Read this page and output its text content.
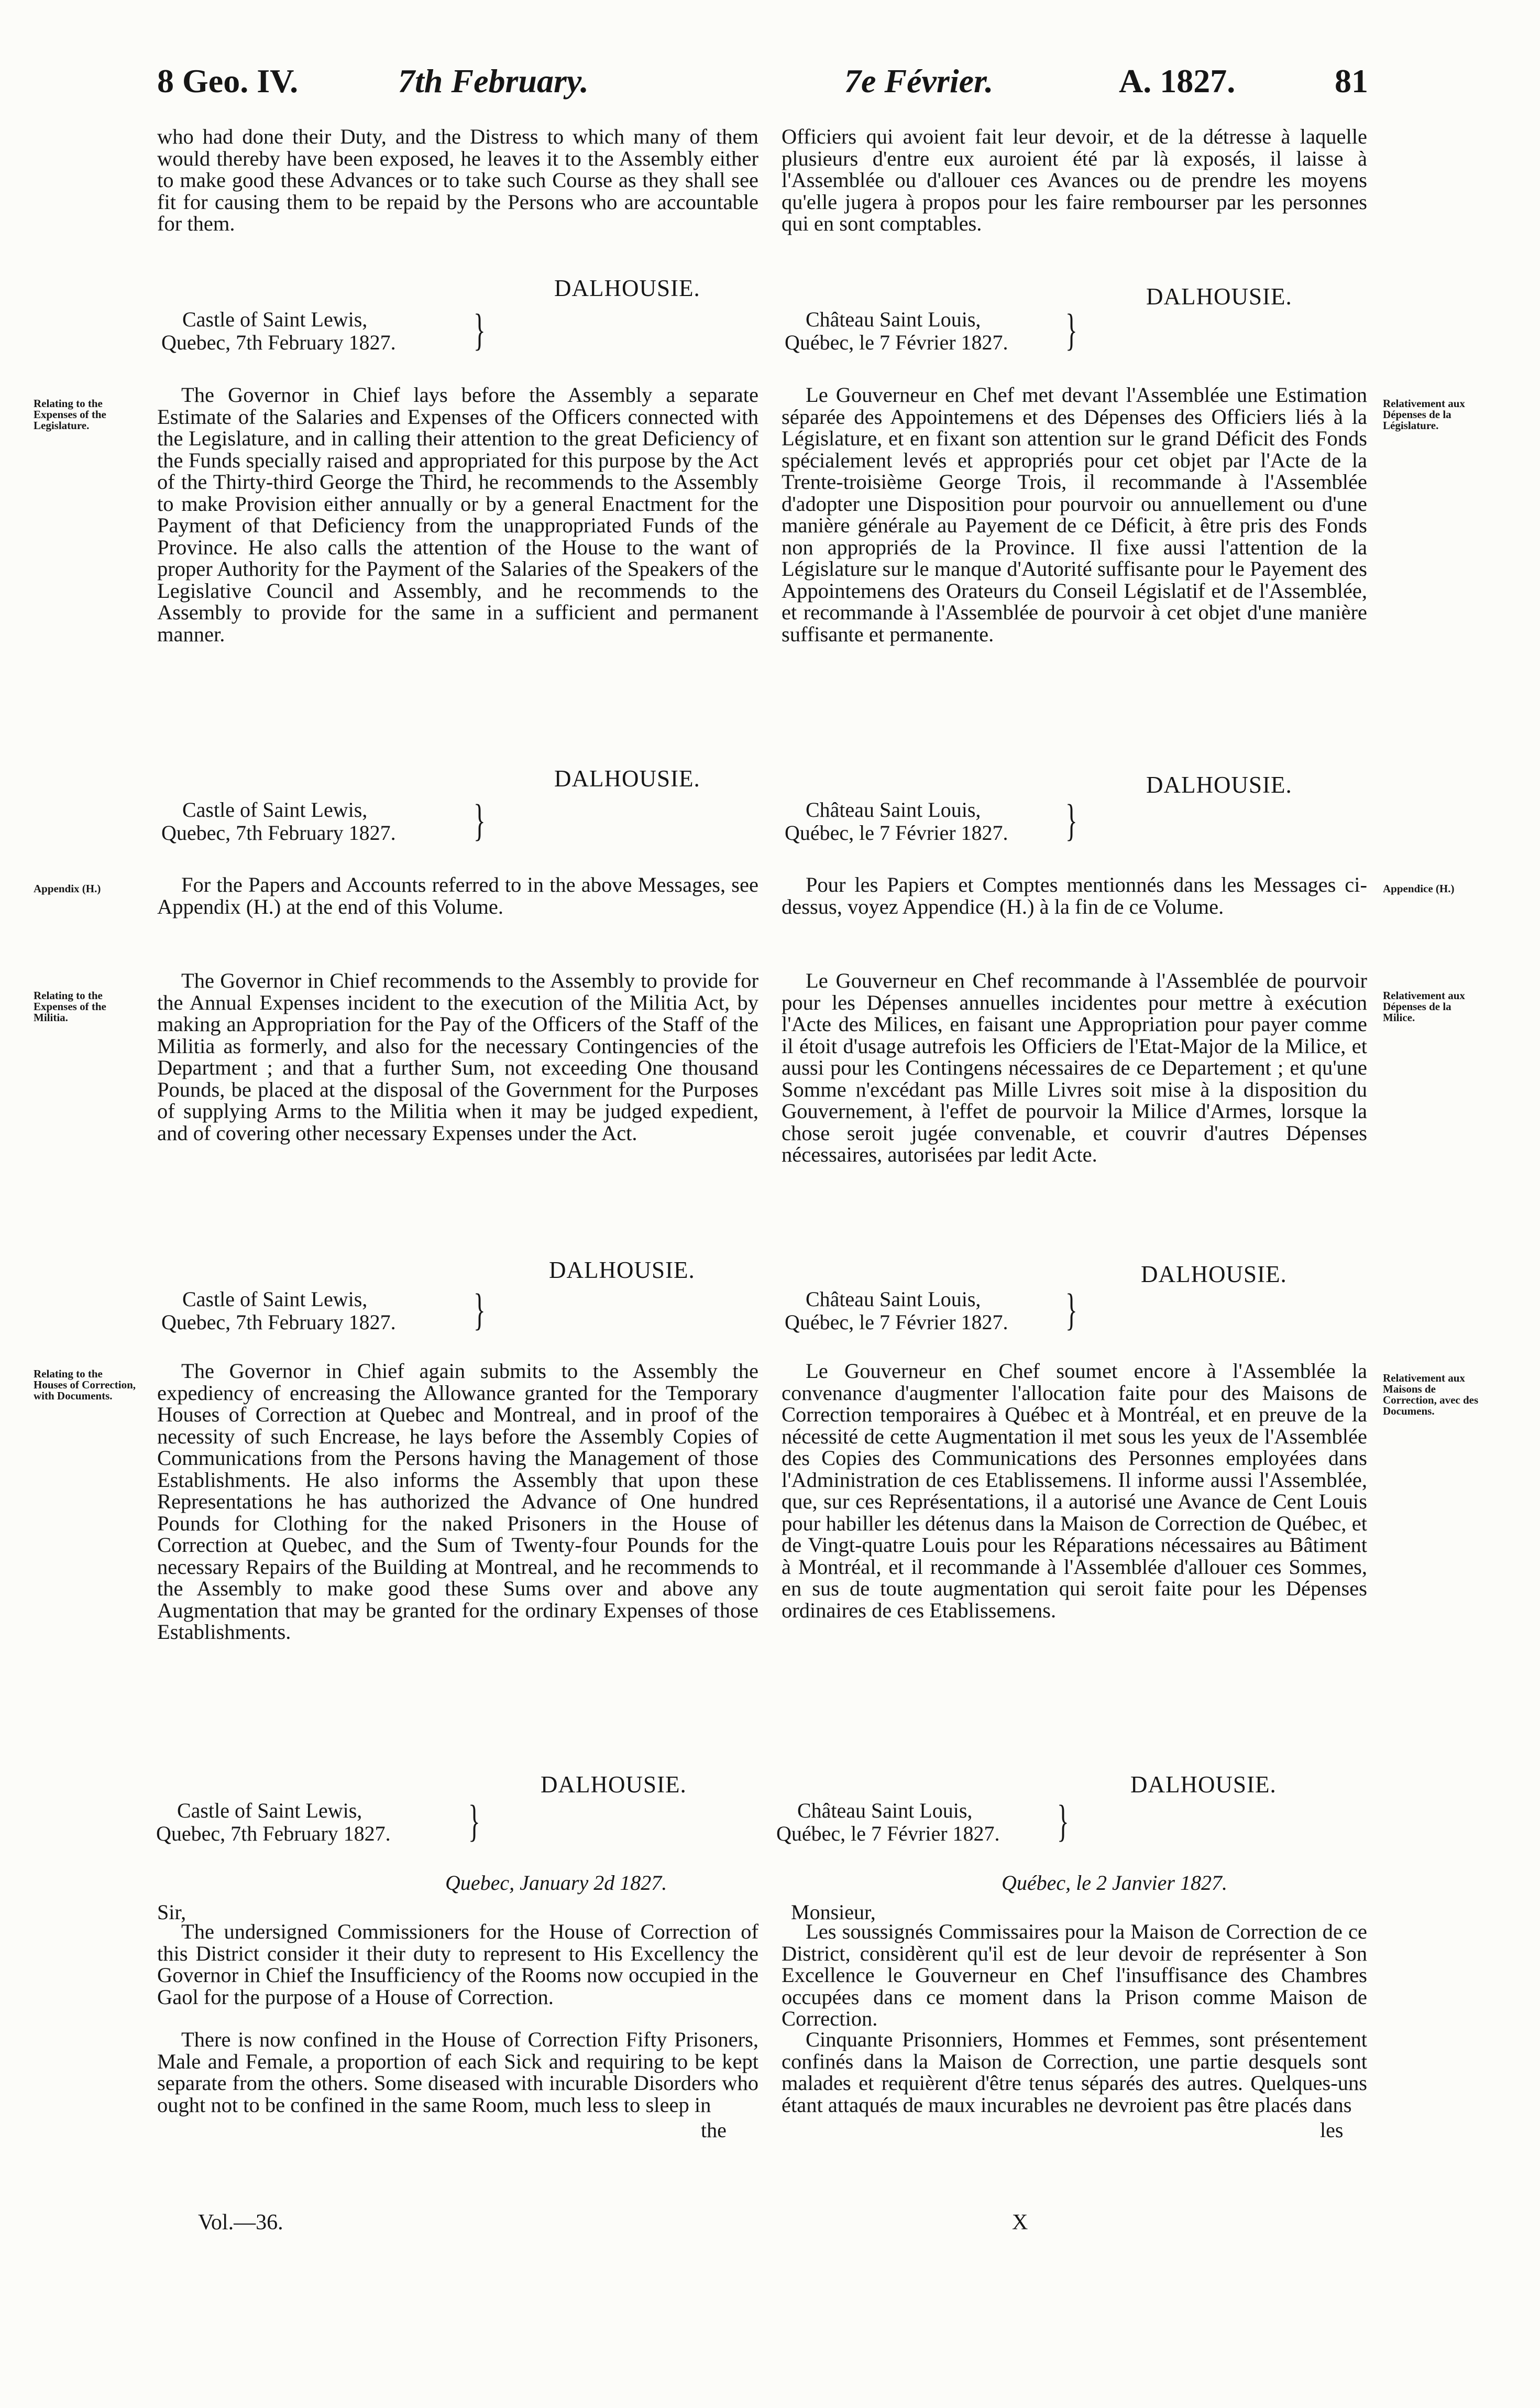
8 Geo. IV.	7th February.	7e Février.	A. 1827.	81

who had done their Duty, and the Distress to which many of them would thereby have been exposed, he leaves it to the Assembly either to make good these Advances or to take such Course as they shall see fit for causing them to be repaid by the Persons who are accountable for them.

DALHOUSIE.
Castle of Saint Lewis,
Quebec, 7th February 1827. }

The Governor in Chief lays before the Assembly a separate Estimate of the Salaries and Expenses of the Officers connected with the Legislature, and in calling their attention to the great Deficiency of the Funds specially raised and appropriated for this purpose by the Act of the Thirty-third George the Third, he recommends to the Assembly to make Provision either annually or by a general Enactment for the Payment of that Deficiency from the unappropriated Funds of the Province. He also calls the attention of the House to the want of proper Authority for the Payment of the Salaries of the Speakers of the Legislative Council and Assembly, and he recommends to the Assembly to provide for the same in a sufficient and permanent manner.

DALHOUSIE.
Castle of Saint Lewis,
Quebec, 7th February 1827. }

For the Papers and Accounts referred to in the above Messages, see Appendix (H.) at the end of this Volume.

The Governor in Chief recommends to the Assembly to provide for the Annual Expenses incident to the execution of the Militia Act, by making an Appropriation for the Pay of the Officers of the Staff of the Militia as formerly, and also for the necessary Contingencies of the Department ; and that a further Sum, not exceeding One thousand Pounds, be placed at the disposal of the Government for the Purposes of supplying Arms to the Militia when it may be judged expedient, and of covering other necessary Expenses under the Act.

DALHOUSIE.
Castle of Saint Lewis,
Quebec, 7th February 1827. }

The Governor in Chief again submits to the Assembly the expediency of encreasing the Allowance granted for the Temporary Houses of Correction at Quebec and Montreal, and in proof of the necessity of such Encrease, he lays before the Assembly Copies of Communications from the Persons having the Management of those Establishments. He also informs the Assembly that upon these Representations he has authorized the Advance of One hundred Pounds for Clothing for the naked Prisoners in the House of Correction at Quebec, and the Sum of Twenty-four Pounds for the necessary Repairs of the Building at Montreal, and he recommends to the Assembly to make good these Sums over and above any Augmentation that may be granted for the ordinary Expenses of those Establishments.

DALHOUSIE.
Castle of Saint Lewis,
Quebec, 7th February 1827. }
Quebec, January 2d 1827.
Sir,

The undersigned Commissioners for the House of Correction of this District consider it their duty to represent to His Excellency the Governor in Chief the Insufficiency of the Rooms now occupied in the Gaol for the purpose of a House of Correction.

There is now confined in the House of Correction Fifty Prisoners, Male and Female, a proportion of each Sick and requiring to be kept separate from the others. Some diseased with incurable Disorders who ought not to be confined in the same Room, much less to sleep in

the
Vol.—36.

Officiers qui avoient fait leur devoir, et de la détresse à laquelle plusieurs d'entre eux auroient été par là exposés, il laisse à l'Assemblée ou d'allouer ces Avances ou de prendre les moyens qu'elle jugera à propos pour les faire rembourser par les personnes qui en sont comptables.

DALHOUSIE.
Château Saint Louis,
Québec, le 7 Février 1827. }

Le Gouverneur en Chef met devant l'Assemblée une Estimation séparée des Appointemens et des Dépenses des Officiers liés à la Législature, et en fixant son attention sur le grand Déficit des Fonds spécialement levés et appropriés pour cet objet par l'Acte de la Trente-troisième George Trois, il recommande à l'Assemblée d'adopter une Disposition pour pourvoir ou annuellement ou d'une manière générale au Payement de ce Déficit, à être pris des Fonds non appropriés de la Province. Il fixe aussi l'attention de la Législature sur le manque d'Autorité suffisante pour le Payement des Appointemens des Orateurs du Conseil Législatif et de l'Assemblée, et recommande à l'Assemblée de pourvoir à cet objet d'une manière suffisante et permanente.

DALHOUSIE.
Château Saint Louis,
Québec, le 7 Février 1827. }

Pour les Papiers et Comptes mentionnés dans les Messages ci-dessus, voyez Appendice (H.) à la fin de ce Volume.

Le Gouverneur en Chef recommande à l'Assemblée de pourvoir pour les Dépenses annuelles incidentes pour mettre à exécution l'Acte des Milices, en faisant une Appropriation pour payer comme il étoit d'usage autrefois les Officiers de l'Etat-Major de la Milice, et aussi pour les Contingens nécessaires de ce Departement ; et qu'une Somme n'excédant pas Mille Livres soit mise à la disposition du Gouvernement, à l'effet de pourvoir la Milice d'Armes, lorsque la chose seroit jugée convenable, et couvrir d'autres Dépenses nécessaires, autorisées par ledit Acte.

DALHOUSIE.
Château Saint Louis,
Québec, le 7 Février 1827. }

Le Gouverneur en Chef soumet encore à l'Assemblée la convenance d'augmenter l'allocation faite pour des Maisons de Correction temporaires à Québec et à Montréal, et en preuve de la nécessité de cette Augmentation il met sous les yeux de l'Assemblée des Copies des Communications des Personnes employées dans l'Administration de ces Etablissemens. Il informe aussi l'Assemblée, que, sur ces Représentations, il a autorisé une Avance de Cent Louis pour habiller les détenus dans la Maison de Correction de Québec, et de Vingt-quatre Louis pour les Réparations nécessaires au Bâtiment à Montréal, et il recommande à l'Assemblée d'allouer ces Sommes, en sus de toute augmentation qui seroit faite pour les Dépenses ordinaires de ces Etablissemens.

DALHOUSIE.
Château Saint Louis,
Québec, le 7 Février 1827. }
Québec, le 2 Janvier 1827.
Monsieur,

Les soussignés Commissaires pour la Maison de Correction de ce District, considèrent qu'il est de leur devoir de représenter à Son Excellence le Gouverneur en Chef l'insuffisance des Chambres occupées dans ce moment dans la Prison comme Maison de Correction.

Cinquante Prisonniers, Hommes et Femmes, sont présentement confinés dans la Maison de Correction, une partie desquels sont malades et requièrent d'être tenus séparés des autres. Quelques-uns étant attaqués de maux incurables ne devroient pas être placés dans

les
X
Relating to the Expenses of the Legislature.
Appendix (H.)
Relating to the Expenses of the Militia.
Relating to the Houses of Correction, with Documents.
Relativement aux Dépenses de la Législature.
Appendice (H.)
Relativement aux Dépenses de la Milice.
Relativement aux Maisons de Correction, avec des Documens.
